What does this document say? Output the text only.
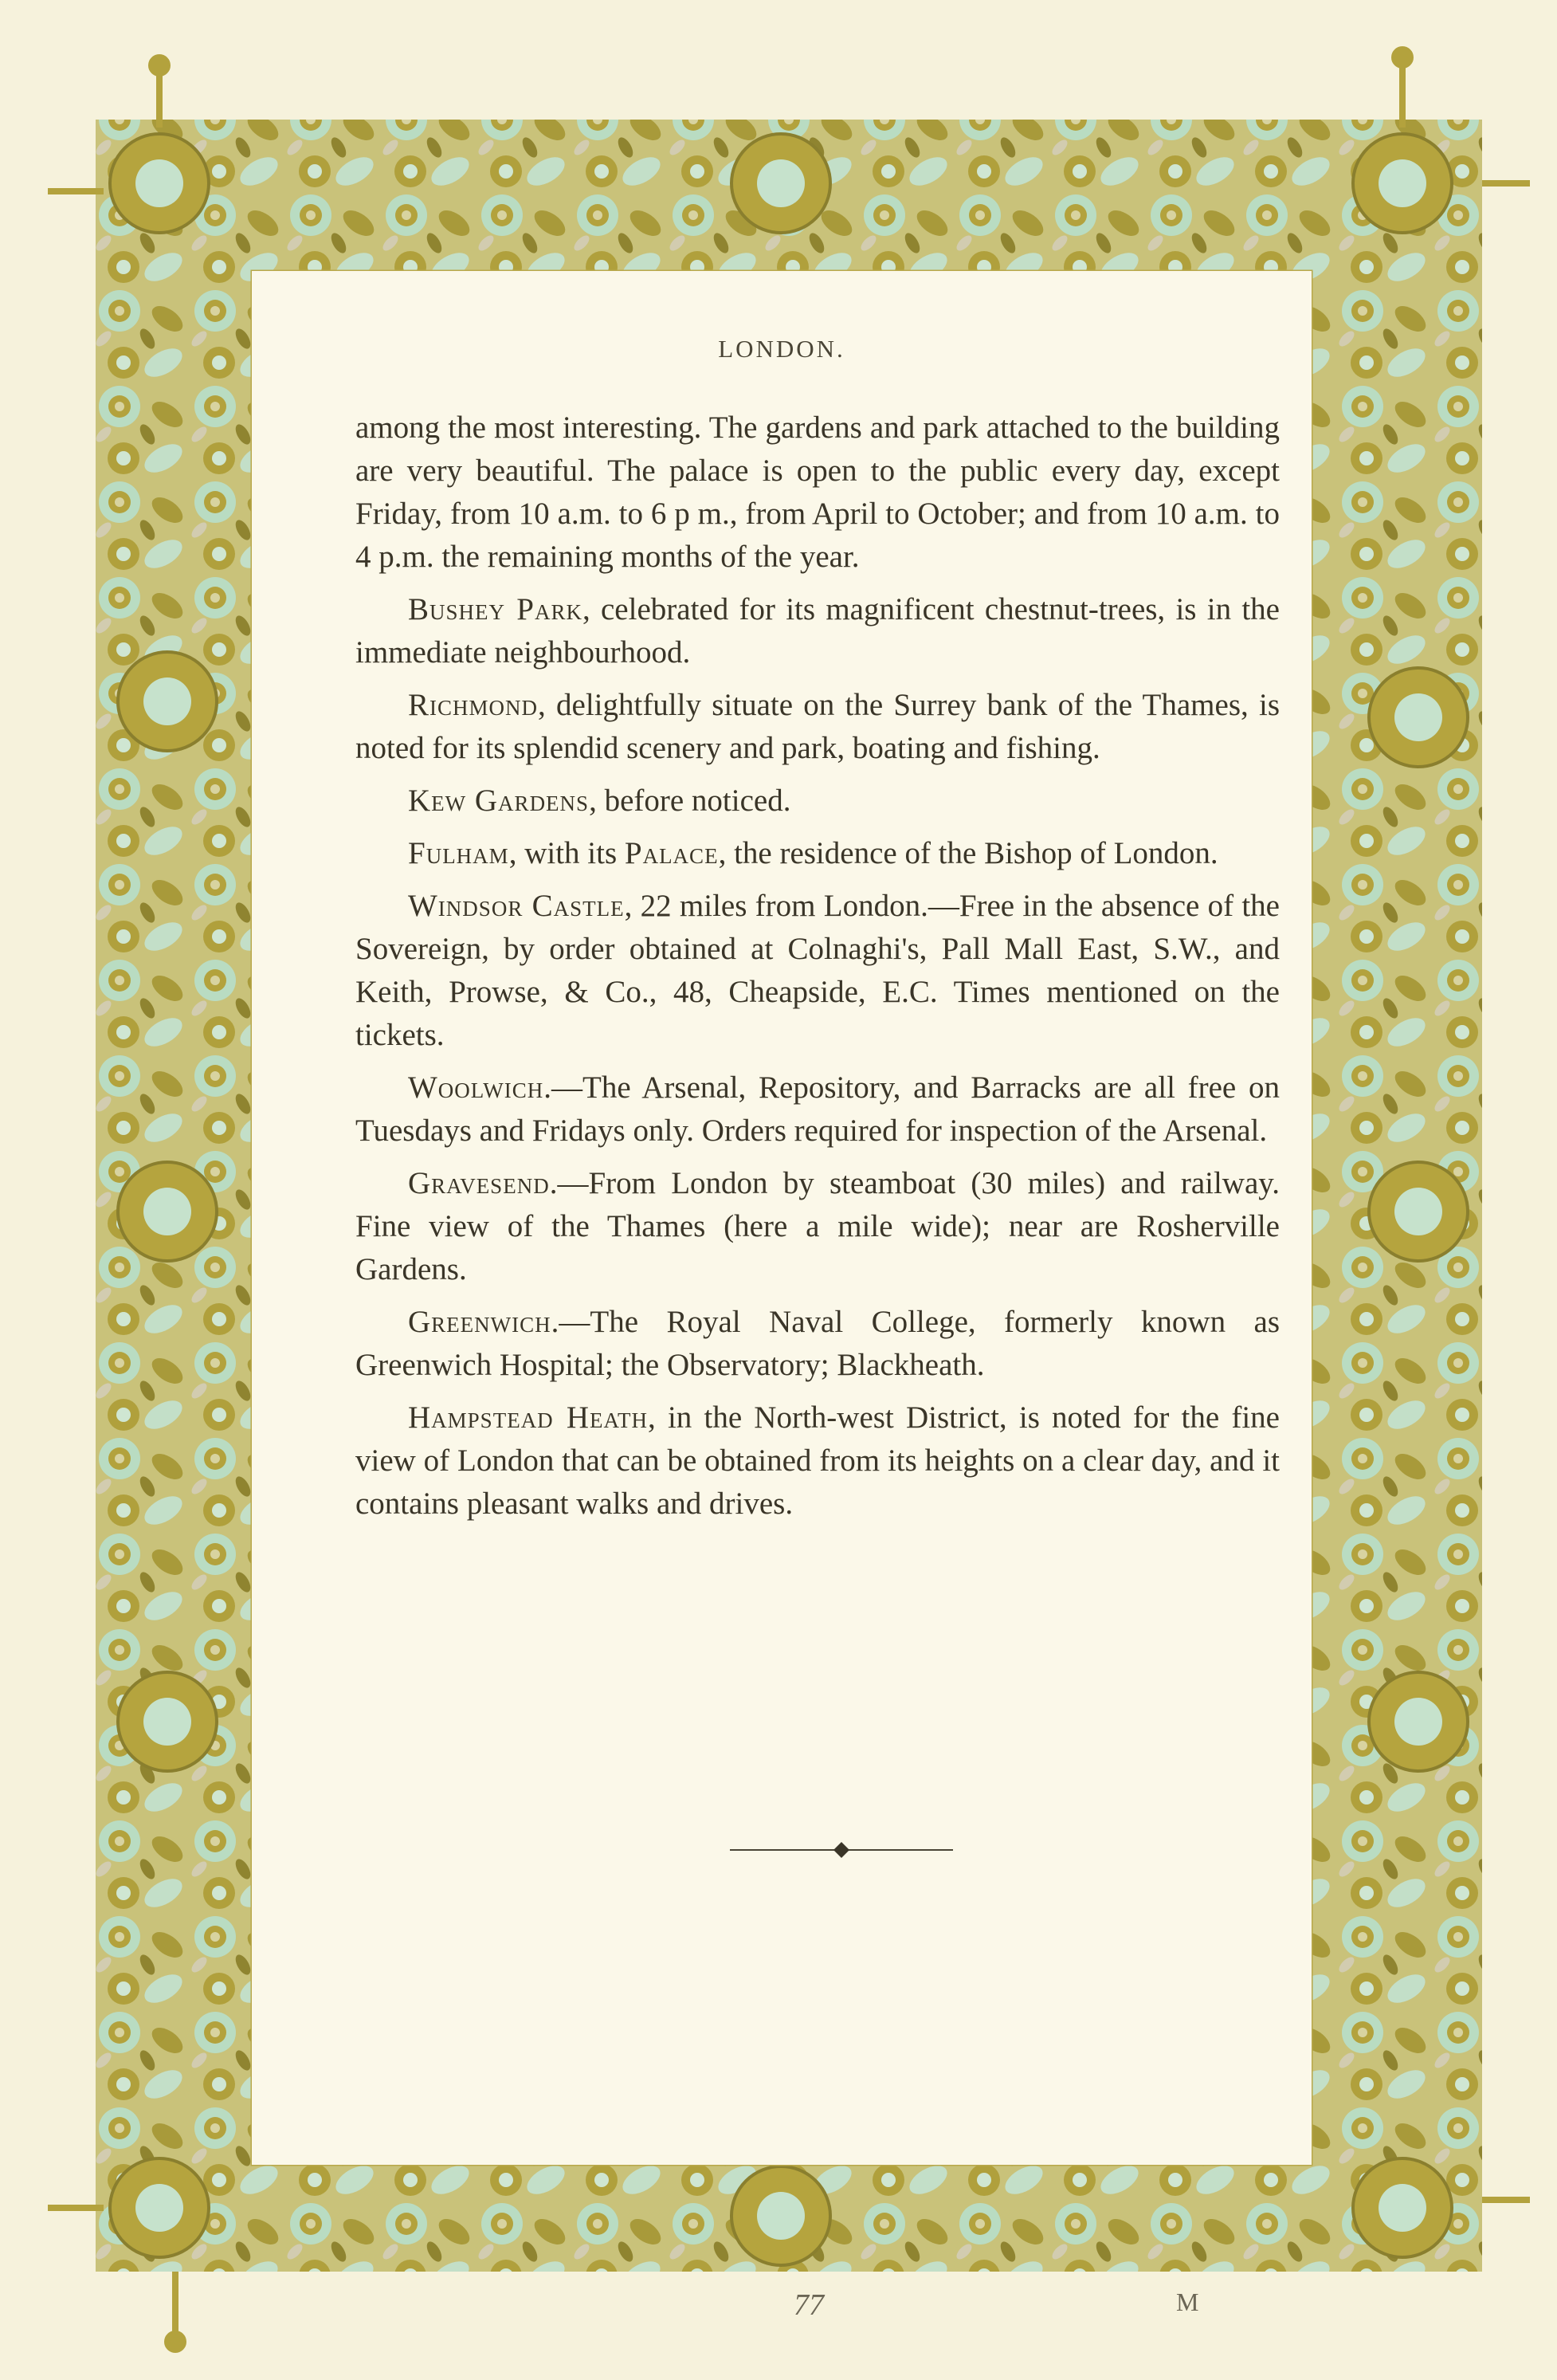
LONDON.

among the most interesting. The gardens and park attached to the building are very beautiful. The palace is open to the public every day, except Friday, from 10 a.m. to 6 p m., from April to October; and from 10 a.m. to 4 p.m. the remaining months of the year.

Bushey Park, celebrated for its magnificent chestnut-trees, is in the immediate neighbourhood.

Richmond, delightfully situate on the Surrey bank of the Thames, is noted for its splendid scenery and park, boating and fishing.

Kew Gardens, before noticed.

Fulham, with its Palace, the residence of the Bishop of London.

Windsor Castle, 22 miles from London.—Free in the absence of the Sovereign, by order obtained at Colnaghi's, Pall Mall East, S.W., and Keith, Prowse, & Co., 48, Cheapside, E.C. Times mentioned on the tickets.

Woolwich.—The Arsenal, Repository, and Barracks are all free on Tuesdays and Fridays only. Orders required for inspection of the Arsenal.

Gravesend.—From London by steamboat (30 miles) and railway. Fine view of the Thames (here a mile wide); near are Rosherville Gardens.

Greenwich.—The Royal Naval College, formerly known as Greenwich Hospital; the Observatory; Blackheath.

Hampstead Heath, in the North-west District, is noted for the fine view of London that can be obtained from its heights on a clear day, and it contains pleasant walks and drives.

77	M
